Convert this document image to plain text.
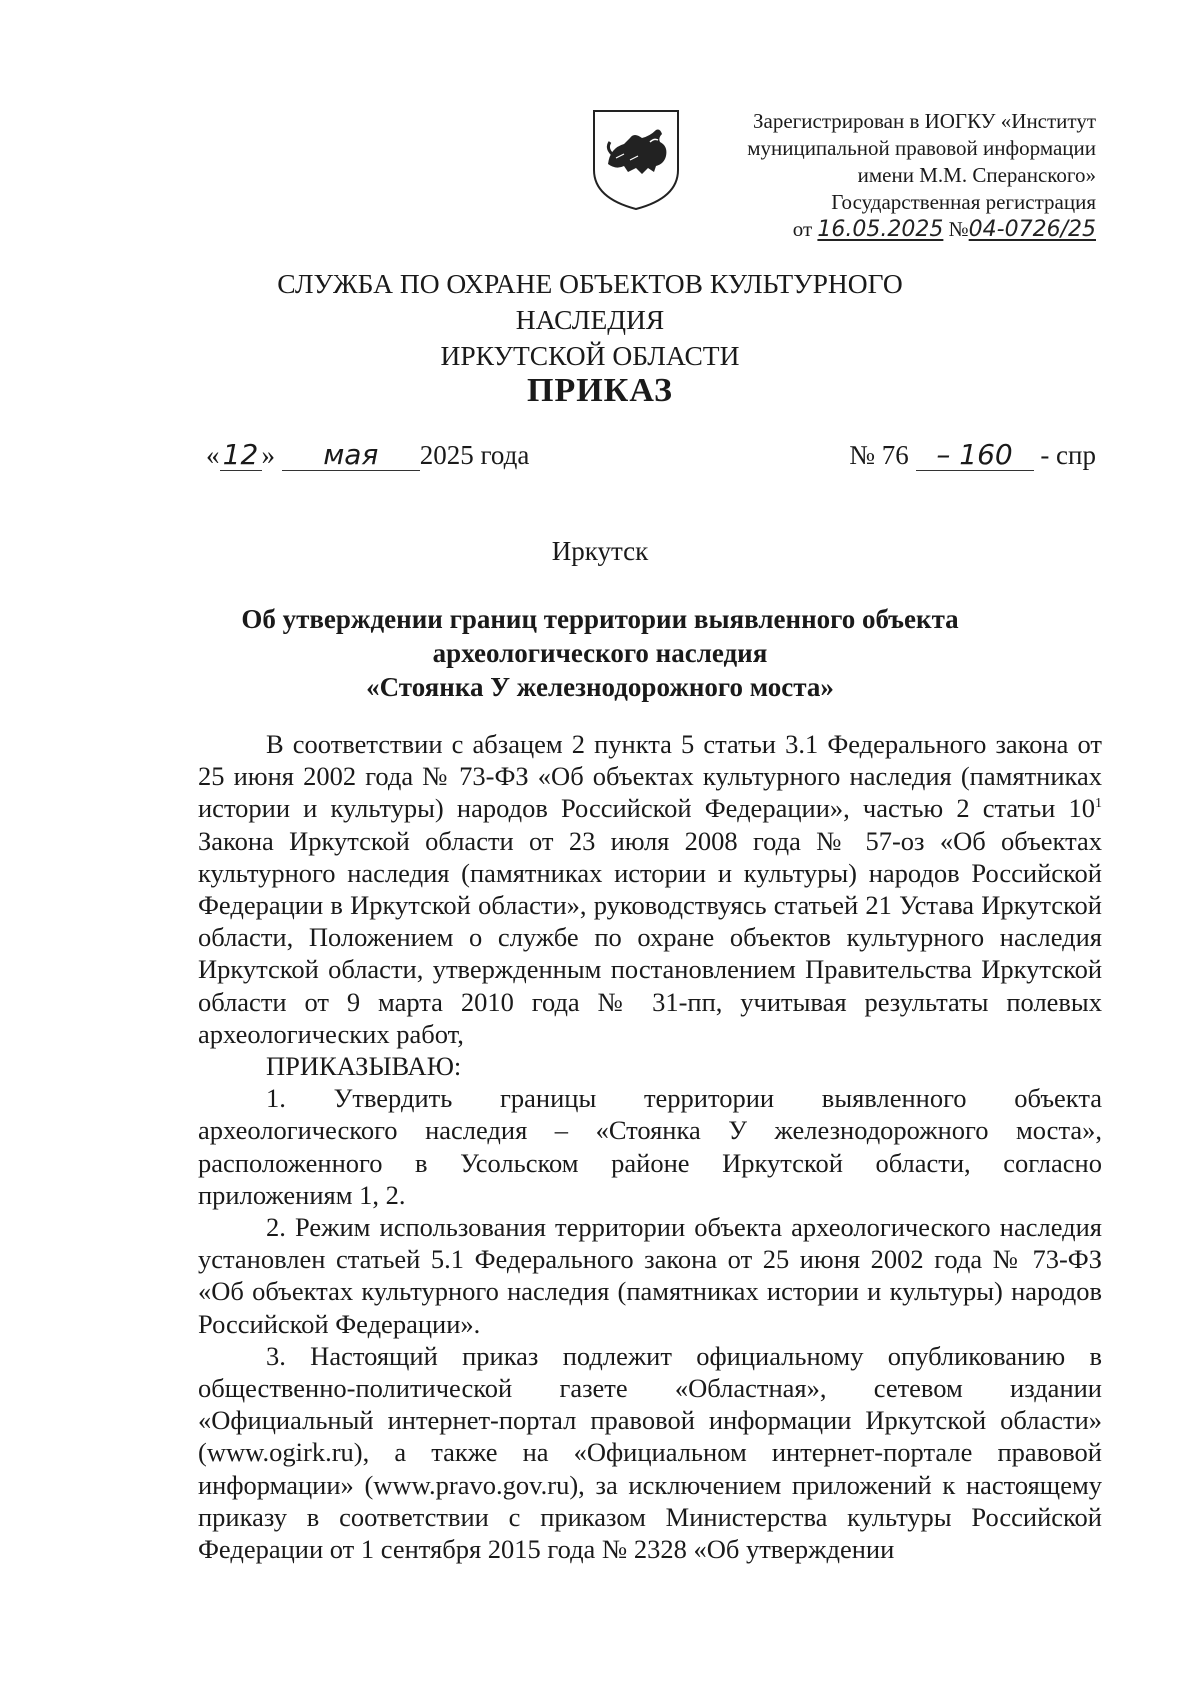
Зарегистрирован в ИОГКУ «Институт
муниципальной правовой информации
имени М.М. Сперанского»
Государственная регистрация
от 16.05.2025 №04-0726/25
СЛУЖБА ПО ОХРАНЕ ОБЪЕКТОВ КУЛЬТУРНОГО НАСЛЕДИЯ
ИРКУТСКОЙ ОБЛАСТИ
ПРИКАЗ
« 12 » мая 2025 года	№ 76 – 160 - спр
Иркутск
Об утверждении границ территории выявленного объекта
археологического наследия
«Стоянка У железнодорожного моста»

В соответствии с абзацем 2 пункта 5 статьи 3.1 Федерального закона от 25 июня 2002 года № 73-ФЗ «Об объектах культурного наследия (памятниках истории и культуры) народов Российской Федерации», частью 2 статьи $10^1$ Закона Иркутской области от 23 июля 2008 года № 57-оз «Об объектах культурного наследия (памятниках истории и культуры) народов Российской Федерации в Иркутской области», руководствуясь статьей 21 Устава Иркутской области, Положением о службе по охране объектов культурного наследия Иркутской области, утвержденным постановлением Правительства Иркутской области от 9 марта 2010 года № 31-пп, учитывая результаты полевых археологических работ,

ПРИКАЗЫВАЮ:

1. Утвердить границы территории выявленного объекта археологического наследия – «Стоянка У железнодорожного моста», расположенного в Усольском районе Иркутской области, согласно приложениям 1, 2.

2. Режим использования территории объекта археологического наследия установлен статьей 5.1 Федерального закона от 25 июня 2002 года № 73-ФЗ «Об объектах культурного наследия (памятниках истории и культуры) народов Российской Федерации».

3. Настоящий приказ подлежит официальному опубликованию в общественно-политической газете «Областная», сетевом издании «Официальный интернет-портал правовой информации Иркутской области» (www.ogirk.ru), а также на «Официальном интернет-портале правовой информации» (www.pravo.gov.ru), за исключением приложений к настоящему приказу в соответствии с приказом Министерства культуры Российской Федерации от 1 сентября 2015 года № 2328 «Об утверждении
